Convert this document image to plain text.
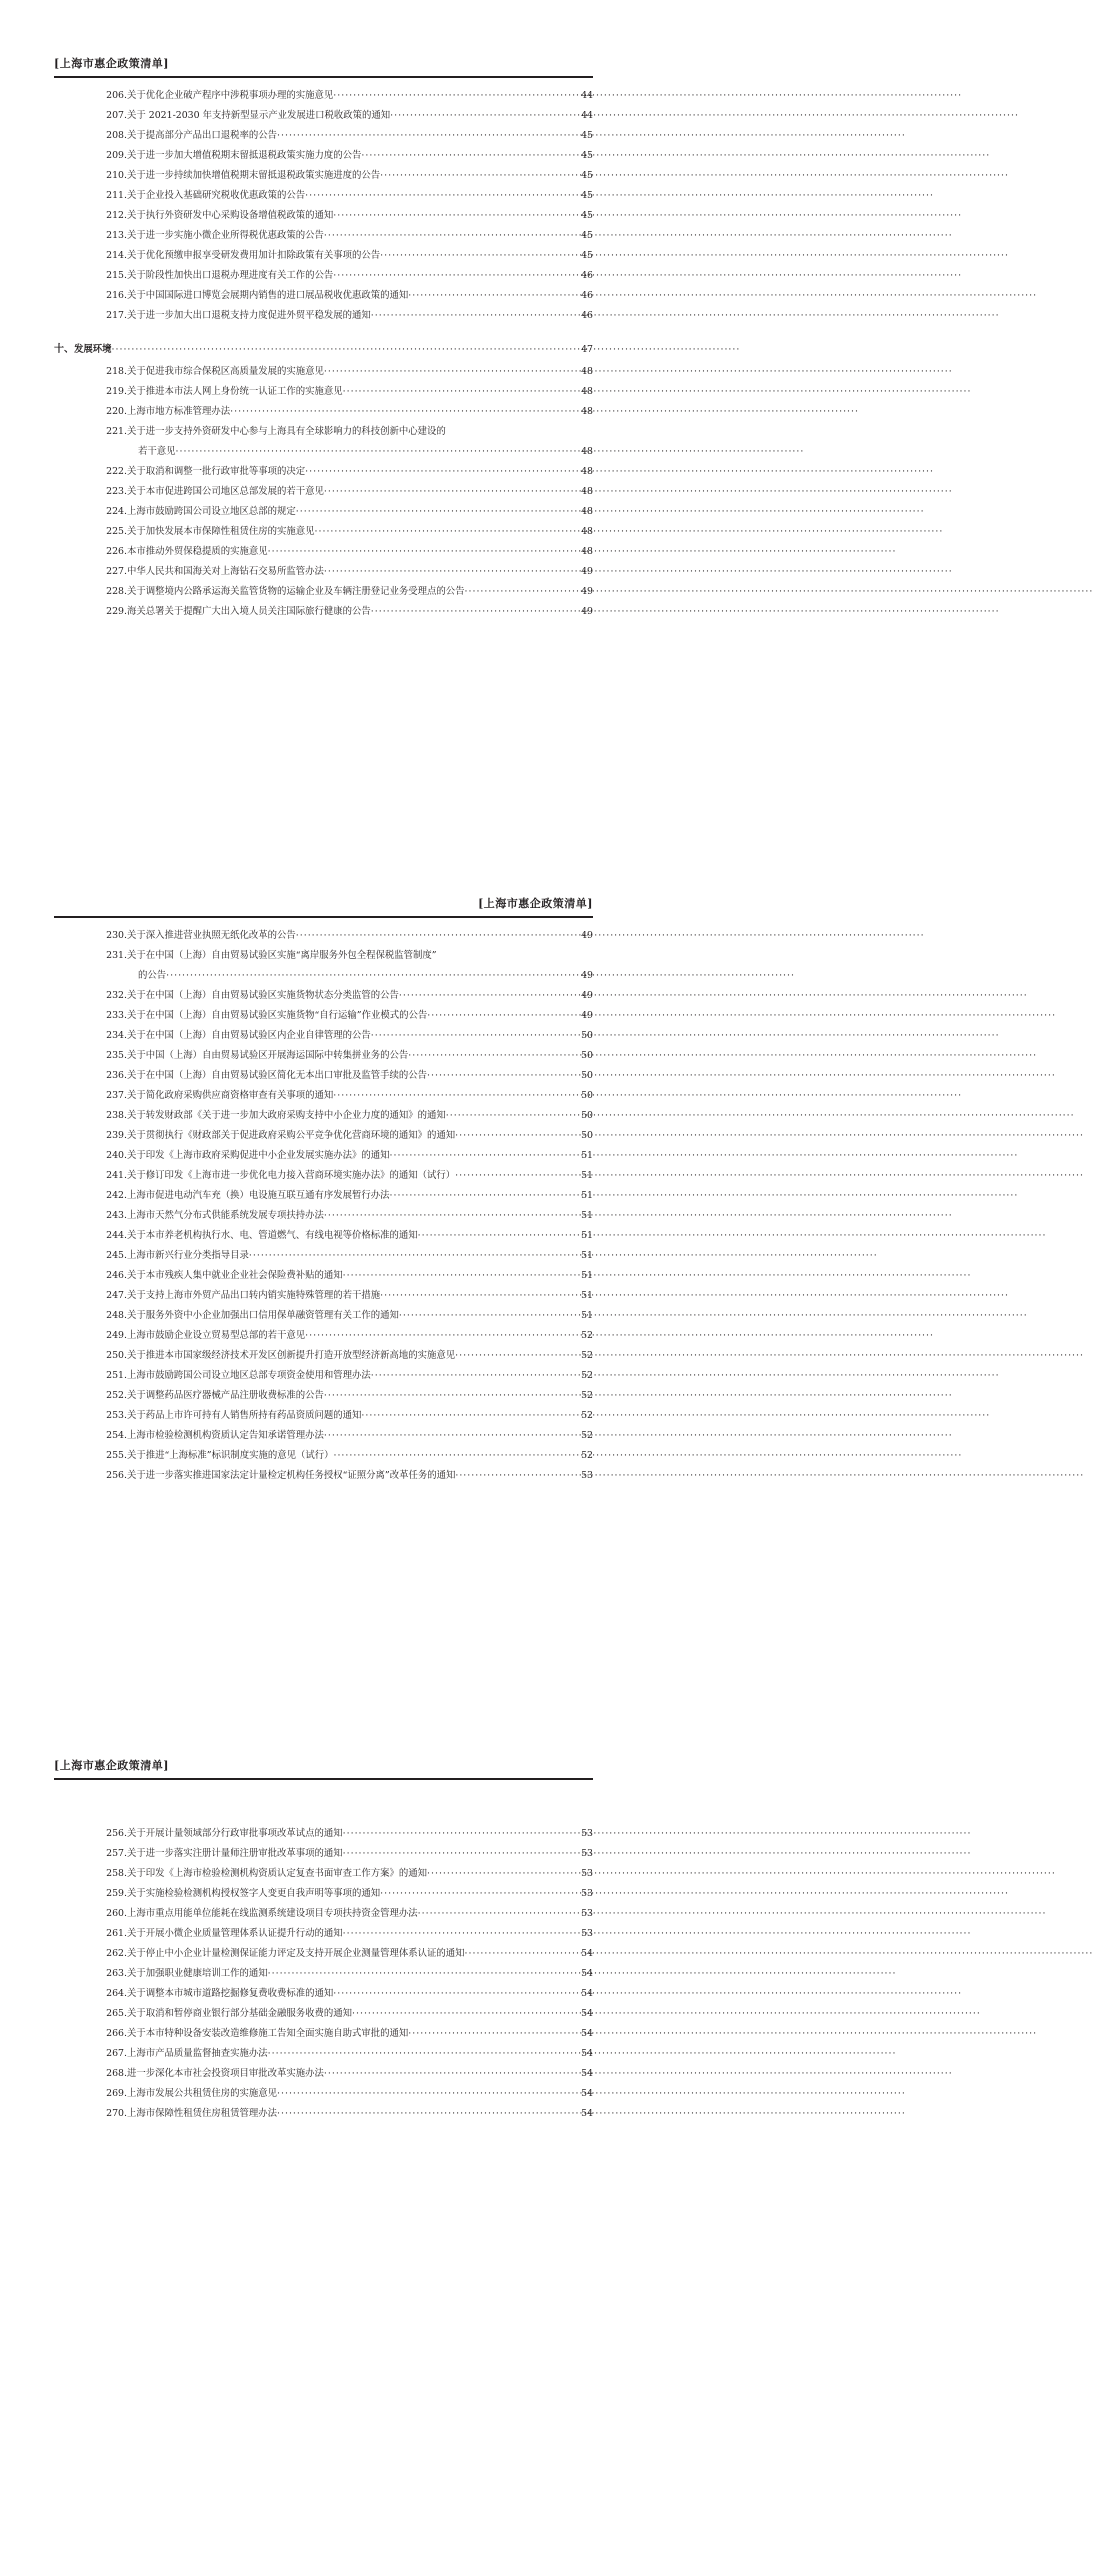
[上海市惠企政策清单]
206. 关于优化企业破产程序中涉税事项办理的实施意见 ·····	44
207. 关于 2021-2030 年支持新型显示产业发展进口税收政策的通知 ·····	44
208. 关于提高部分产品出口退税率的公告 ·····	45
209. 关于进一步加大增值税期末留抵退税政策实施力度的公告 ·····	45
210. 关于进一步持续加快增值税期末留抵退税政策实施进度的公告 ·····	45
211. 关于企业投入基础研究税收优惠政策的公告 ·····	45
212. 关于执行外资研发中心采购设备增值税政策的通知 ·····	45
213. 关于进一步实施小微企业所得税优惠政策的公告 ·····	45
214. 关于优化预缴申报享受研发费用加计扣除政策有关事项的公告 ·····	45
215. 关于阶段性加快出口退税办理进度有关工作的公告 ·····	46
216. 关于中国国际进口博览会展期内销售的进口展品税收优惠政策的通知 ·····	46
217. 关于进一步加大出口退税支持力度促进外贸平稳发展的通知 ·····	46
十、 发展环境 ·····	47
218. 关于促进我市综合保税区高质量发展的实施意见 ·····	48
219. 关于推进本市法人网上身份统一认证工作的实施意见 ·····	48
220. 上海市地方标准管理办法 ·····	48
221. 关于进一步支持外资研发中心参与上海具有全球影响力的科技创新中心建设的
若干意见 ·····	48
222. 关于取消和调整一批行政审批等事项的决定 ·····	48
223. 关于本市促进跨国公司地区总部发展的若干意见 ·····	48
224. 上海市鼓励跨国公司设立地区总部的规定 ·····	48
225. 关于加快发展本市保障性租赁住房的实施意见 ·····	48
226. 本市推动外贸保稳提质的实施意见 ·····	48
227. 中华人民共和国海关对上海钻石交易所监管办法 ·····	49
228. 关于调整境内公路承运海关监管货物的运输企业及车辆注册登记业务受理点的公告 ·····	49
229. 海关总署关于提醒广大出入境人员关注国际旅行健康的公告 ·····	49
[上海市惠企政策清单]
230. 关于深入推进营业执照无纸化改革的公告 ·····	49
231. 关于在中国（上海）自由贸易试验区实施“离岸服务外包全程保税监管制度”
的公告 ·····	49
232. 关于在中国（上海）自由贸易试验区实施货物状态分类监管的公告 ·····	49
233. 关于在中国（上海）自由贸易试验区实施货物“自行运输”作业模式的公告 ·····	49
234. 关于在中国（上海）自由贸易试验区内企业自律管理的公告 ·····	50
235. 关于中国（上海）自由贸易试验区开展海运国际中转集拼业务的公告 ·····	50
236. 关于在中国（上海）自由贸易试验区简化无本出口审批及监管手续的公告 ·····	50
237. 关于简化政府采购供应商资格审查有关事项的通知 ·····	50
238. 关于转发财政部《关于进一步加大政府采购支持中小企业力度的通知》的通知 ·····	50
239. 关于贯彻执行《财政部关于促进政府采购公平竞争优化营商环境的通知》的通知 ·····	50
240. 关于印发《上海市政府采购促进中小企业发展实施办法》的通知 ·····	51
241. 关于修订印发《上海市进一步优化电力接入营商环境实施办法》的通知（试行） ·····	51
242. 上海市促进电动汽车充（换）电设施互联互通有序发展暂行办法 ·····	51
243. 上海市天然气分布式供能系统发展专项扶持办法 ·····	51
244. 关于本市养老机构执行水、电、管道燃气、有线电视等价格标准的通知 ·····	51
245. 上海市新兴行业分类指导目录 ·····	51
246. 关于本市残疾人集中就业企业社会保险费补贴的通知 ·····	51
247. 关于支持上海市外贸产品出口转内销实施特殊管理的若干措施 ·····	51
248. 关于服务外资中小企业加强出口信用保单融资管理有关工作的通知 ·····	51
249. 上海市鼓励企业设立贸易型总部的若干意见 ·····	52
250. 关于推进本市国家级经济技术开发区创新提升打造开放型经济新高地的实施意见 ·····	52
251. 上海市鼓励跨国公司设立地区总部专项资金使用和管理办法 ·····	52
252. 关于调整药品医疗器械产品注册收费标准的公告 ·····	52
253. 关于药品上市许可持有人销售所持有药品资质问题的通知 ·····	52
254. 上海市检验检测机构资质认定告知承诺管理办法 ·····	52
255. 关于推进“上海标准”标识制度实施的意见（试行） ·····	52
256. 关于进一步落实推进国家法定计量检定机构任务授权“证照分离”改革任务的通知 ·····	53
[上海市惠企政策清单]
256. 关于开展计量领域部分行政审批事项改革试点的通知 ·····	53
257. 关于进一步落实注册计量师注册审批改革事项的通知 ·····	53
258. 关于印发《上海市检验检测机构资质认定复查书面审查工作方案》的通知 ·····	53
259. 关于实施检验检测机构授权签字人变更自我声明等事项的通知 ·····	53
260. 上海市重点用能单位能耗在线监测系统建设项目专项扶持资金管理办法 ·····	53
261. 关于开展小微企业质量管理体系认证提升行动的通知 ·····	53
262. 关于停止中小企业计量检测保证能力评定及支持开展企业测量管理体系认证的通知 ·····	54
263. 关于加强职业健康培训工作的通知 ·····	54
264. 关于调整本市城市道路挖掘修复费收费标准的通知 ·····	54
265. 关于取消和暂停商业银行部分基础金融服务收费的通知 ·····	54
266. 关于本市特种设备安装改造维修施工告知全面实施自助式审批的通知 ·····	54
267. 上海市产品质量监督抽查实施办法 ·····	54
268. 进一步深化本市社会投资项目审批改革实施办法 ·····	54
269. 上海市发展公共租赁住房的实施意见 ·····	54
270. 上海市保障性租赁住房租赁管理办法 ·····	54
